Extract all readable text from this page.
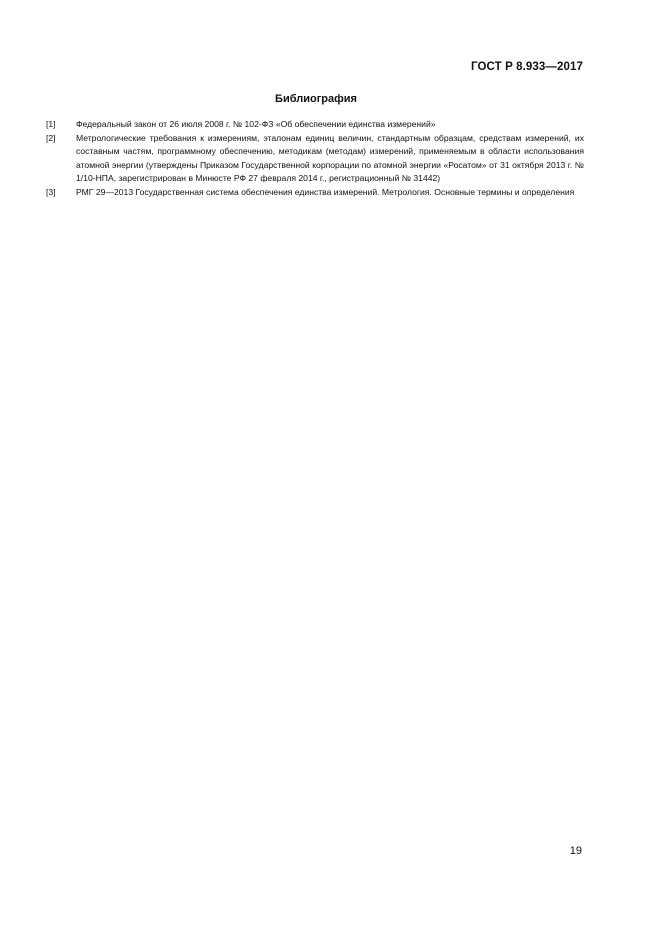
ГОСТ Р 8.933—2017
Библиография
[1]	Федеральный закон от 26 июля 2008 г. № 102-ФЗ «Об обеспечении единства измерений»
[2]	Метрологические требования к измерениям, эталонам единиц величин, стандартным образцам, средствам измерений, их составным частям, программному обеспечению, методикам (методам) измерений, применяемым в области использования атомной энергии (утверждены Приказом Государственной корпорации по атомной энергии «Росатом» от 31 октября 2013 г. № 1/10-НПА, зарегистрирован в Минюсте РФ 27 февраля 2014 г., регистрационный № 31442)
[3]	РМГ 29—2013 Государственная система обеспечения единства измерений. Метрология. Основные термины и определения
19
